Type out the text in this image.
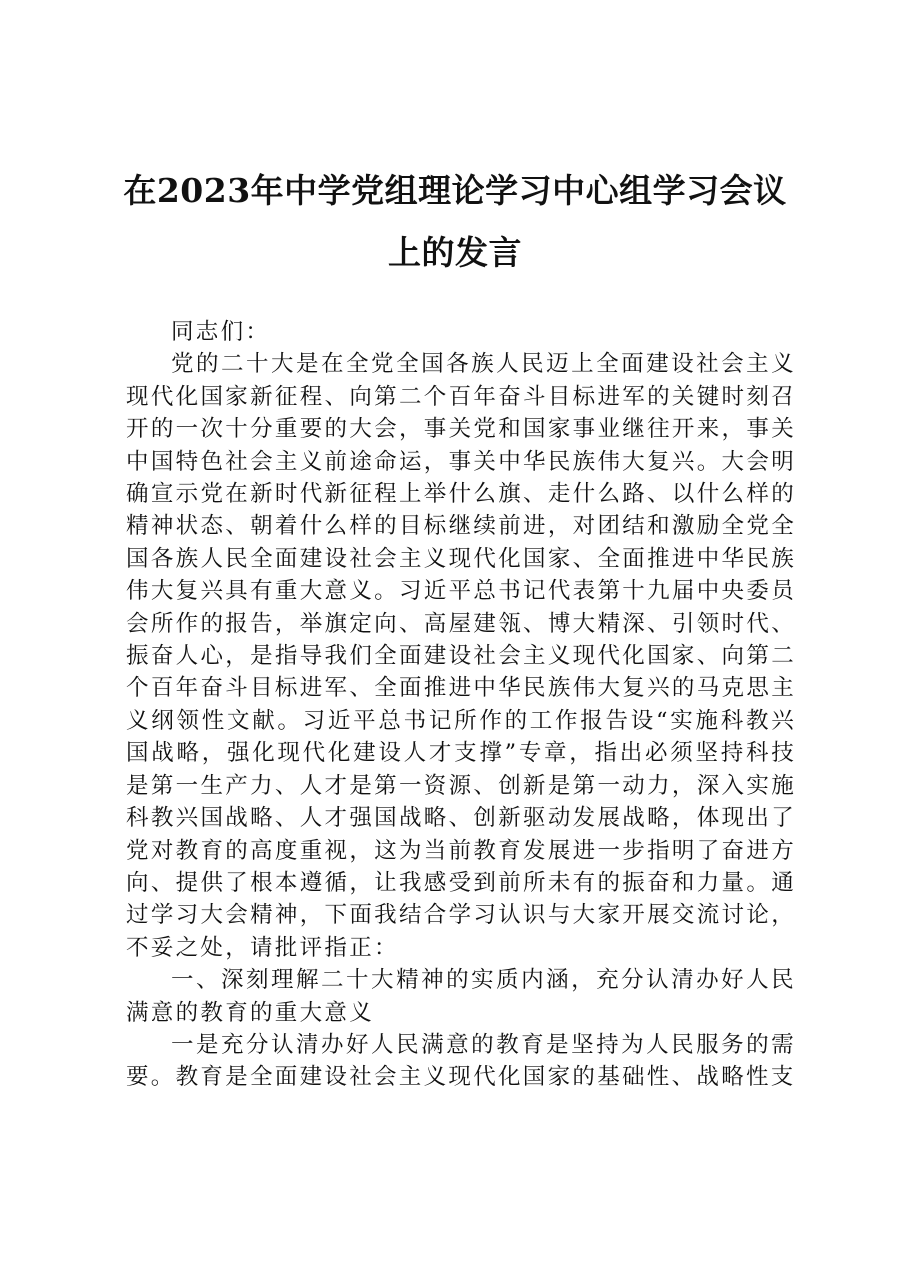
在2023年中学党组理论学习中心组学习会议
上的发言

同志们：

党的二十大是在全党全国各族人民迈上全面建设社会主义现代化国家新征程、向第二个百年奋斗目标进军的关键时刻召开的一次十分重要的大会，事关党和国家事业继往开来，事关中国特色社会主义前途命运，事关中华民族伟大复兴。大会明确宣示党在新时代新征程上举什么旗、走什么路、以什么样的精神状态、朝着什么样的目标继续前进，对团结和激励全党全国各族人民全面建设社会主义现代化国家、全面推进中华民族伟大复兴具有重大意义。习近平总书记代表第十九届中央委员会所作的报告，举旗定向、高屋建瓴、博大精深、引领时代、振奋人心，是指导我们全面建设社会主义现代化国家、向第二个百年奋斗目标进军、全面推进中华民族伟大复兴的马克思主义纲领性文献。习近平总书记所作的工作报告设“实施科教兴国战略，强化现代化建设人才支撑”专章，指出必须坚持科技是第一生产力、人才是第一资源、创新是第一动力，深入实施科教兴国战略、人才强国战略、创新驱动发展战略，体现出了党对教育的高度重视，这为当前教育发展进一步指明了奋进方向、提供了根本遵循，让我感受到前所未有的振奋和力量。通过学习大会精神，下面我结合学习认识与大家开展交流讨论，不妥之处，请批评指正：

一、深刻理解二十大精神的实质内涵，充分认清办好人民满意的教育的重大意义

一是充分认清办好人民满意的教育是坚持为人民服务的需要。教育是全面建设社会主义现代化国家的基础性、战略性支
